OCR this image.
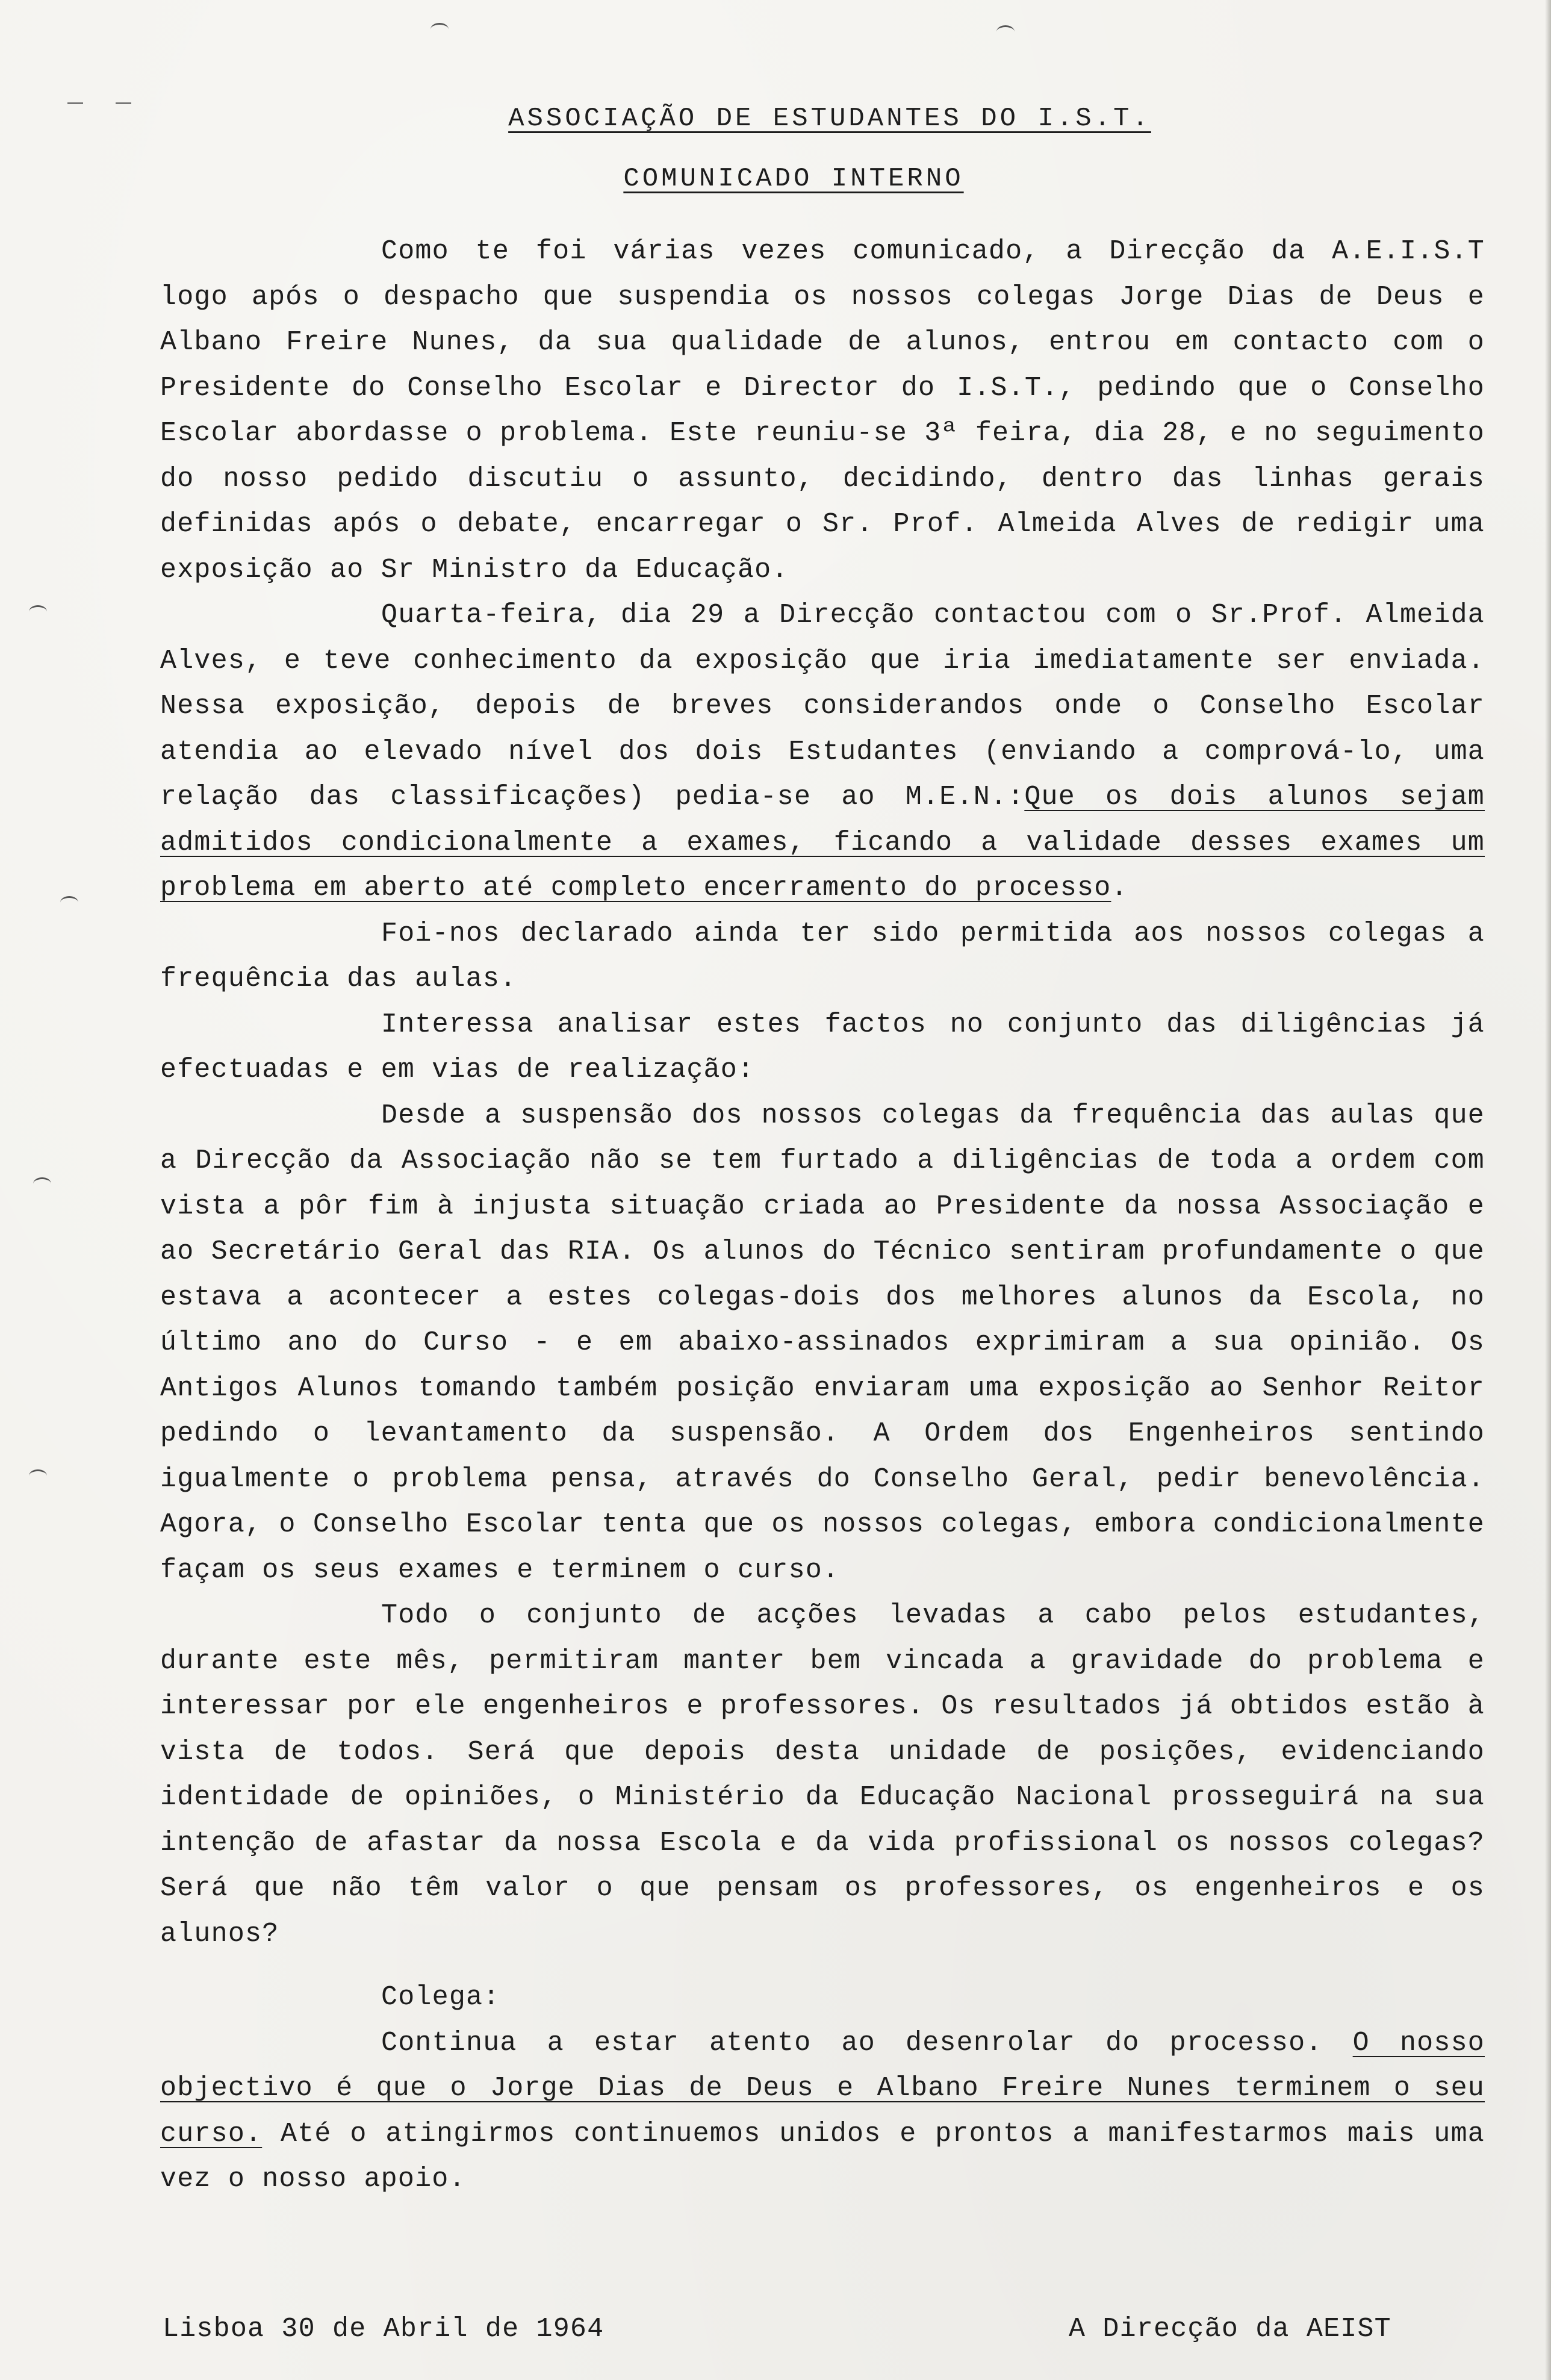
ASSOCIAÇÃO DE ESTUDANTES DO I.S.T.
COMUNICADO INTERNO

Como te foi várias vezes comunicado, a Direcção da A.E.I.S.T logo após o despacho que suspendia os nossos colegas Jorge Dias de Deus e Albano Freire Nunes, da sua qualidade de alunos, entrou em contacto com o Presidente do Conselho Escolar e Director do I.S.T., pedindo que o Conselho Escolar abordasse o problema. Este reuniu-se 3ª feira, dia 28, e no seguimento do nosso pedido discutiu o assunto, decidindo, dentro das linhas gerais definidas após o debate, encarregar o Sr. Prof. Almeida Alves de redigir uma exposição ao Sr Ministro da Educação.

Quarta-feira, dia 29 a Direcção contactou com o Sr.Prof. Almeida Alves, e teve conhecimento da exposição que iria imediatamente ser enviada. Nessa exposição, depois de breves considerandos onde o Conselho Escolar atendia ao elevado nível dos dois Estudantes (enviando a comprová-lo, uma relação das classificações) pedia-se ao M.E.N.:Que os dois alunos sejam admitidos condicionalmente a exames, ficando a validade desses exames um problema em aberto até completo encerramento do processo.

Foi-nos declarado ainda ter sido permitida aos nossos colegas a frequência das aulas.

Interessa analisar estes factos no conjunto das diligências já efectuadas e em vias de realização:

Desde a suspensão dos nossos colegas da frequência das aulas que a Direcção da Associação não se tem furtado a diligências de toda a ordem com vista a pôr fim à injusta situação criada ao Presidente da nossa Associação e ao Secretário Geral das RIA. Os alunos do Técnico sentiram profundamente o que estava a acontecer a estes colegas-dois dos melhores alunos da Escola, no último ano do Curso - e em abaixo-assinados exprimiram a sua opinião. Os Antigos Alunos tomando também posição enviaram uma exposição ao Senhor Reitor pedindo o levantamento da suspensão. A Ordem dos Engenheiros sentindo igualmente o problema pensa, através do Conselho Geral, pedir benevolência. Agora, o Conselho Escolar tenta que os nossos colegas, embora condicionalmente façam os seus exames e terminem o curso.

Todo o conjunto de acções levadas a cabo pelos estudantes, durante este mês, permitiram manter bem vincada a gravidade do problema e interessar por ele engenheiros e professores. Os resultados já obtidos estão à vista de todos. Será que depois desta unidade de posições, evidenciando identidade de opiniões, o Ministério da Educação Nacional prosseguirá na sua intenção de afastar da nossa Escola e da vida profissional os nossos colegas? Será que não têm valor o que pensam os professores, os engenheiros e os alunos?

Colega:

Continua a estar atento ao desenrolar do processo. O nosso objectivo é que o Jorge Dias de Deus e Albano Freire Nunes terminem o seu curso. Até o atingirmos continuemos unidos e prontos a manifestarmos mais uma vez o nosso apoio.

Lisboa 30 de Abril de 1964	A Direcção da AEIST
